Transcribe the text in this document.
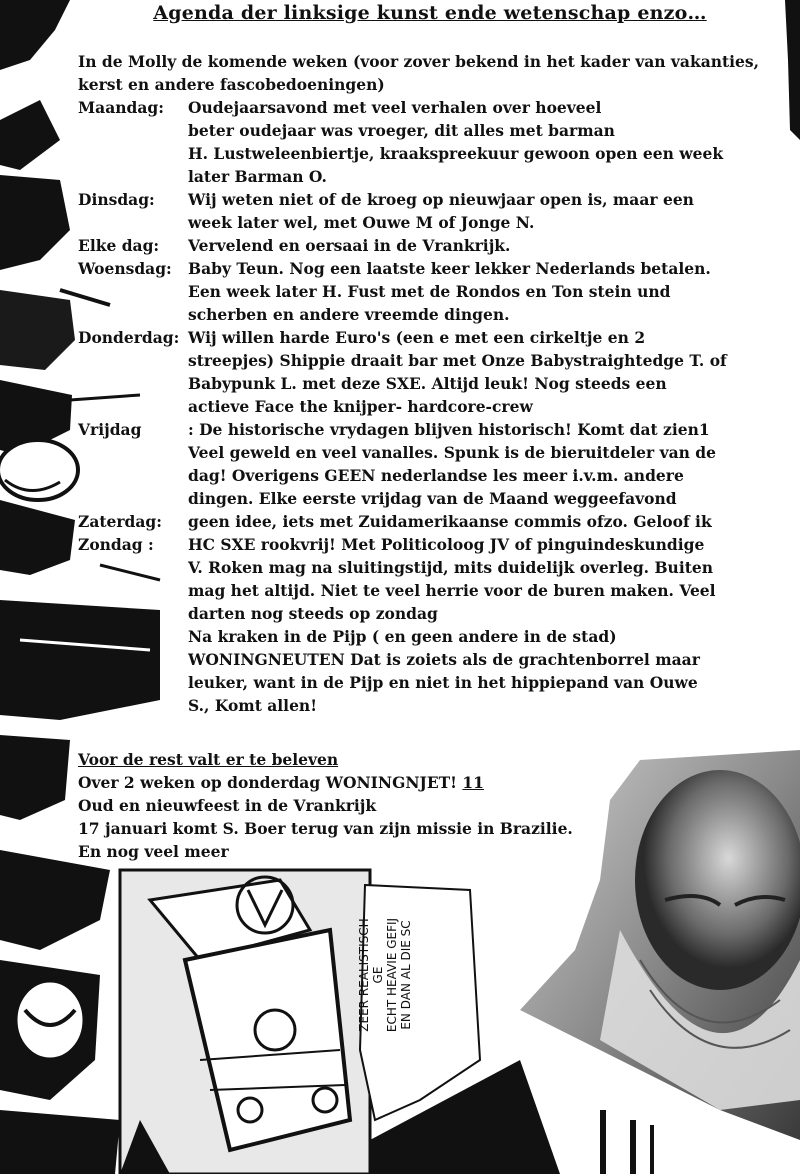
Agenda der linksige kunst ende wetenschap enzo…

In de Molly de komende weken (voor zover bekend in het kader van vakanties, kerst en andere fascobedoeningen)

Maandag:	Oudejaarsavond met veel verhalen over hoeveel

beter oudejaar was vroeger, dit alles met barman

H. Lustweleenbiertje, kraakspreekuur gewoon open een week

later Barman O.

Dinsdag:	Wij weten niet of de kroeg op nieuwjaar open is, maar een

week later wel, met Ouwe M of Jonge N.

Elke dag:	Vervelend en oersaai in de Vrankrijk.

Woensdag:	Baby Teun. Nog een laatste keer lekker Nederlands betalen.

Een week later H. Fust met de Rondos en Ton stein und

scherben en andere vreemde dingen.

Donderdag: Wij willen harde Euro's (een e met een cirkeltje en 2

streepjes) Shippie draait bar met Onze Babystraightedge T. of

Babypunk L. met deze SXE. Altijd leuk! Nog steeds een

actieve Face the knijper- hardcore-crew

Vrijdag	: De historische vrydagen blijven historisch! Komt dat zien1

Veel geweld en veel vanalles. Spunk is de bieruitdeler van de

dag! Overigens GEEN nederlandse les meer i.v.m. andere

dingen. Elke eerste vrijdag van de Maand weggeefavond

Zaterdag:	geen idee, iets met Zuidamerikaanse commis ofzo. Geloof ik

Zondag :	HC SXE rookvrij! Met Politicoloog JV of pinguindeskundige

V. Roken mag na sluitingstijd, mits duidelijk overleg. Buiten

mag het altijd. Niet te veel herrie voor de buren maken. Veel

darten nog steeds op zondag

Na kraken in de Pijp ( en geen andere in de stad)

WONINGNEUTEN Dat is zoiets als de grachtenborrel maar

leuker, want in de Pijp en niet in het hippiepand van Ouwe

S., Komt allen!

Voor de rest valt er te beleven

Over 2 weken op donderdag WONINGNJET! 11

Oud en nieuwfeest in de Vrankrijk

17 januari komt S. Boer terug van zijn missie in Brazilie.

En nog veel meer

ZEER REALISTISCH GE ECHT HEAVIE GEFIJ EN DAN AL DIE SC
